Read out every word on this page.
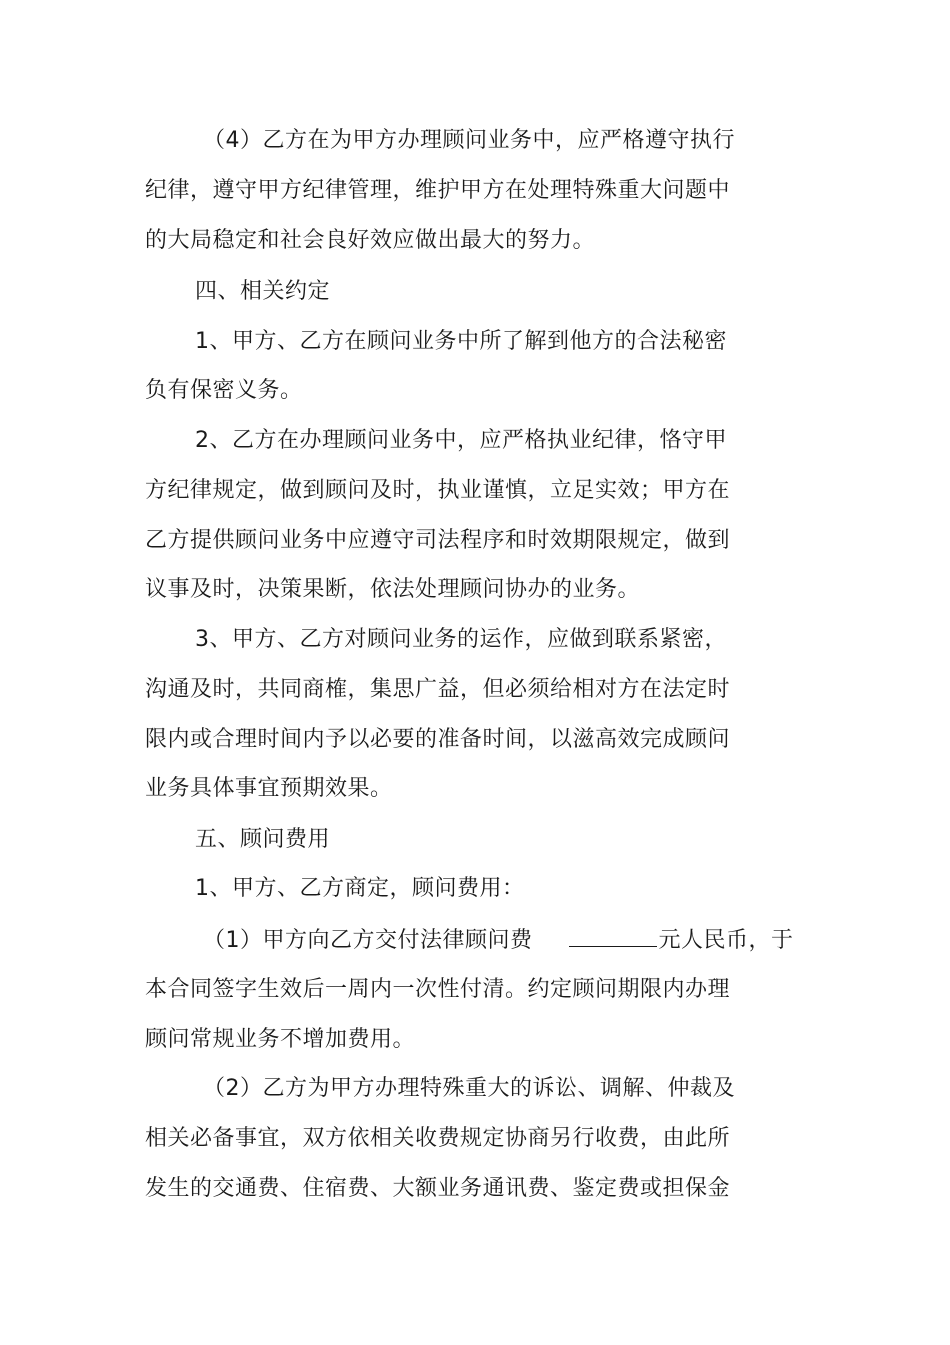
（4）乙方在为甲方办理顾问业务中，应严格遵守执行
纪律，遵守甲方纪律管理，维护甲方在处理特殊重大问题中
的大局稳定和社会良好效应做出最大的努力。
四、相关约定
1、甲方、乙方在顾问业务中所了解到他方的合法秘密
负有保密义务。
2、乙方在办理顾问业务中，应严格执业纪律，恪守甲
方纪律规定，做到顾问及时，执业谨慎，立足实效；甲方在
乙方提供顾问业务中应遵守司法程序和时效期限规定，做到
议事及时，决策果断，依法处理顾问协办的业务。
3、甲方、乙方对顾问业务的运作，应做到联系紧密，
沟通及时，共同商榷，集思广益，但必须给相对方在法定时
限内或合理时间内予以必要的准备时间，以滋高效完成顾问
业务具体事宜预期效果。
五、顾问费用
1、甲方、乙方商定，顾问费用：
（1）甲方向乙方交付法律顾问费	元人民币，于
本合同签字生效后一周内一次性付清。约定顾问期限内办理
顾问常规业务不增加费用。
（2）乙方为甲方办理特殊重大的诉讼、调解、仲裁及
相关必备事宜，双方依相关收费规定协商另行收费，由此所
发生的交通费、住宿费、大额业务通讯费、鉴定费或担保金
